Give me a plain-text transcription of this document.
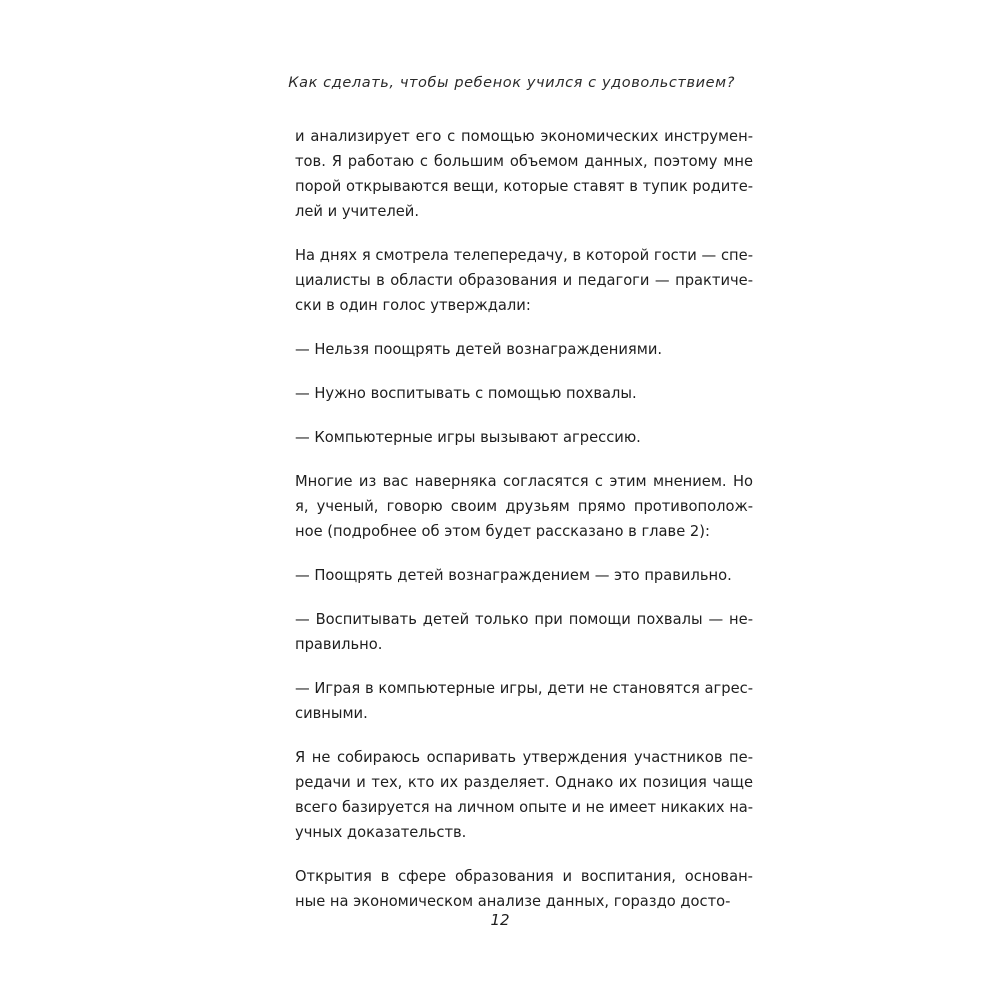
Как сделать, чтобы ребенок учился с удовольствием?
и анализирует его с помощью экономических инструмен-
тов. Я работаю с большим объемом данных, поэтому мне
порой открываются вещи, которые ставят в тупик родите-
лей и учителей.
На днях я смотрела телепередачу, в которой гости — спе-
циалисты в области образования и педагоги — практиче-
ски в один голос утверждали:
— Нельзя поощрять детей вознаграждениями.
— Нужно воспитывать с помощью похвалы.
— Компьютерные игры вызывают агрессию.
Многие из вас наверняка согласятся с этим мнением. Но
я, ученый, говорю своим друзьям прямо противополож-
ное (подробнее об этом будет рассказано в главе 2):
— Поощрять детей вознаграждением — это правильно.
— Воспитывать детей только при помощи похвалы — не-
правильно.
— Играя в компьютерные игры, дети не становятся агрес-
сивными.
Я не собираюсь оспаривать утверждения участников пе-
редачи и тех, кто их разделяет. Однако их позиция чаще
всего базируется на личном опыте и не имеет никаких на-
учных доказательств.
Открытия в сфере образования и воспитания, основан-
ные на экономическом анализе данных, гораздо досто-
12
